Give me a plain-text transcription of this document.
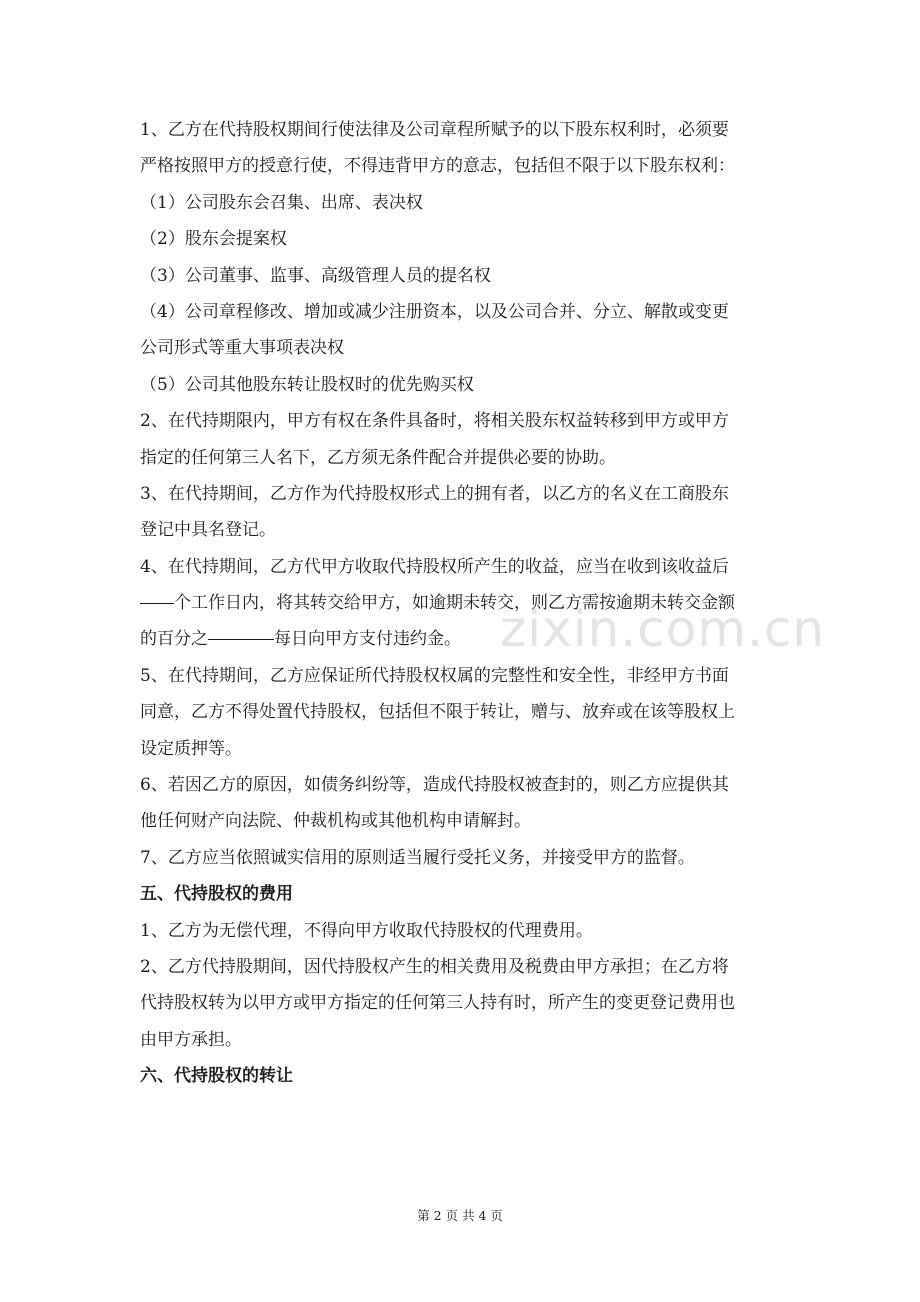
zixin.com.cn
1、乙方在代持股权期间行使法律及公司章程所赋予的以下股东权利时，必须要
严格按照甲方的授意行使，不得违背甲方的意志，包括但不限于以下股东权利：
（1）公司股东会召集、出席、表决权
（2）股东会提案权
（3）公司董事、监事、高级管理人员的提名权
（4）公司章程修改、增加或减少注册资本，以及公司合并、分立、解散或变更
公司形式等重大事项表决权
（5）公司其他股东转让股权时的优先购买权
2、在代持期限内，甲方有权在条件具备时，将相关股东权益转移到甲方或甲方
指定的任何第三人名下，乙方须无条件配合并提供必要的协助。
3、在代持期间，乙方作为代持股权形式上的拥有者，以乙方的名义在工商股东
登记中具名登记。
4、在代持期间，乙方代甲方收取代持股权所产生的收益，应当在收到该收益后
个工作日内，将其转交给甲方，如逾期未转交，则乙方需按逾期未转交金额
的百分之	每日向甲方支付违约金。
5、在代持期间，乙方应保证所代持股权权属的完整性和安全性，非经甲方书面
同意，乙方不得处置代持股权，包括但不限于转让，赠与、放弃或在该等股权上
设定质押等。
6、若因乙方的原因，如债务纠纷等，造成代持股权被查封的，则乙方应提供其
他任何财产向法院、仲裁机构或其他机构申请解封。
7、乙方应当依照诚实信用的原则适当履行受托义务，并接受甲方的监督。
五、代持股权的费用
1、乙方为无偿代理，不得向甲方收取代持股权的代理费用。
2、乙方代持股期间，因代持股权产生的相关费用及税费由甲方承担；在乙方将
代持股权转为以甲方或甲方指定的任何第三人持有时，所产生的变更登记费用也
由甲方承担。
六、代持股权的转让
第 2 页 共 4 页
